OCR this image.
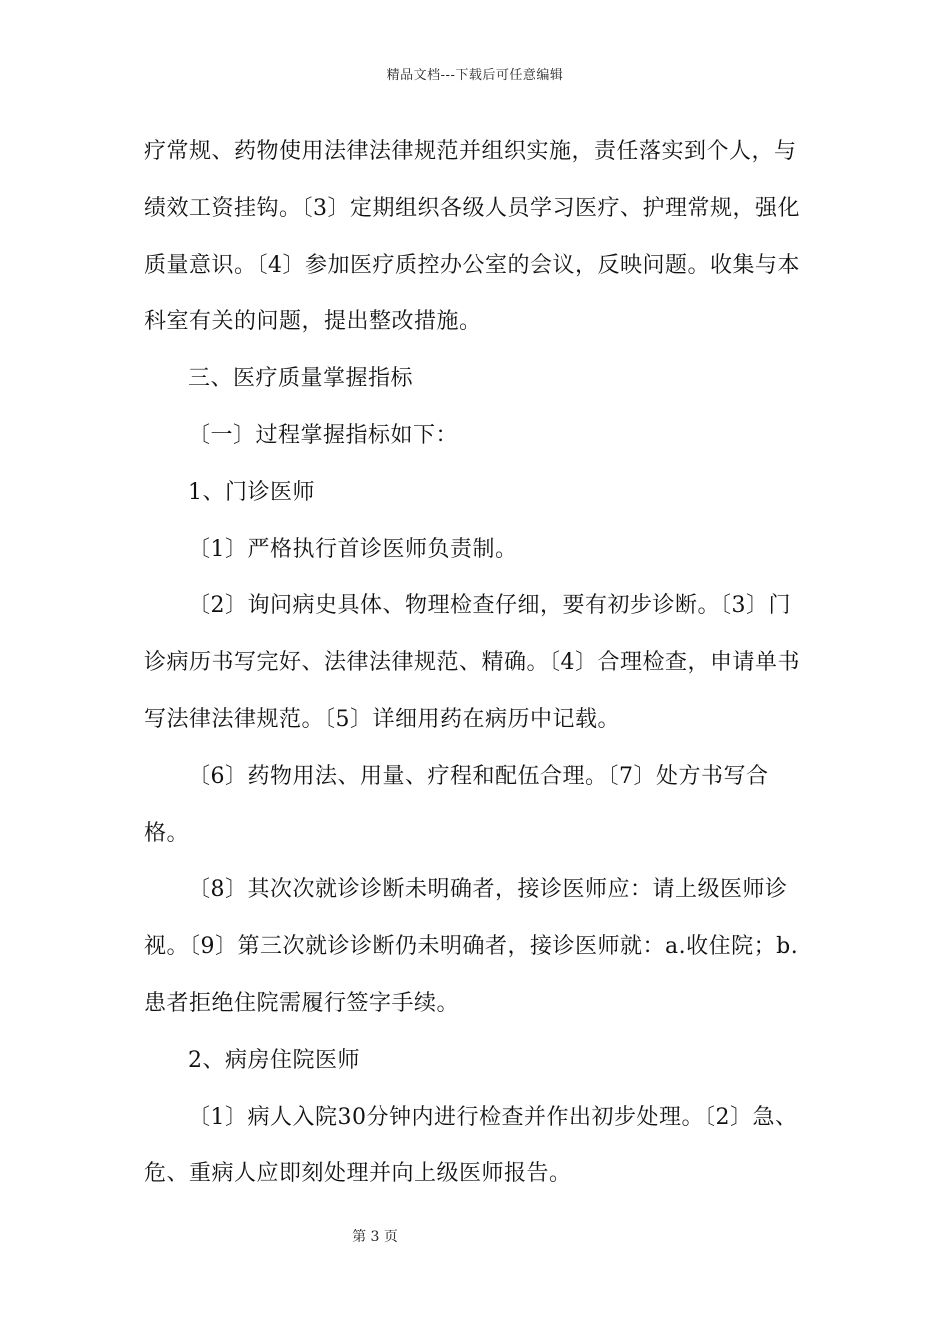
精品文档---下载后可任意编辑

疗常规、药物使用法律法律规范并组织实施，责任落实到个人，与绩效工资挂钩。〔3〕定期组织各级人员学习医疗、护理常规，强化质量意识。〔4〕参加医疗质控办公室的会议，反映问题。收集与本科室有关的问题，提出整改措施。

三、医疗质量掌握指标

〔一〕过程掌握指标如下：

1、门诊医师

〔1〕严格执行首诊医师负责制。

〔2〕询问病史具体、物理检查仔细，要有初步诊断。〔3〕门诊病历书写完好、法律法律规范、精确。〔4〕合理检查，申请单书写法律法律规范。〔5〕详细用药在病历中记载。

〔6〕药物用法、用量、疗程和配伍合理。〔7〕处方书写合格。

〔8〕其次次就诊诊断未明确者，接诊医师应：请上级医师诊视。〔9〕第三次就诊诊断仍未明确者，接诊医师就：a.收住院；b.患者拒绝住院需履行签字手续。

2、病房住院医师

〔1〕病人入院30分钟内进行检查并作出初步处理。〔2〕急、危、重病人应即刻处理并向上级医师报告。

第 3 页
